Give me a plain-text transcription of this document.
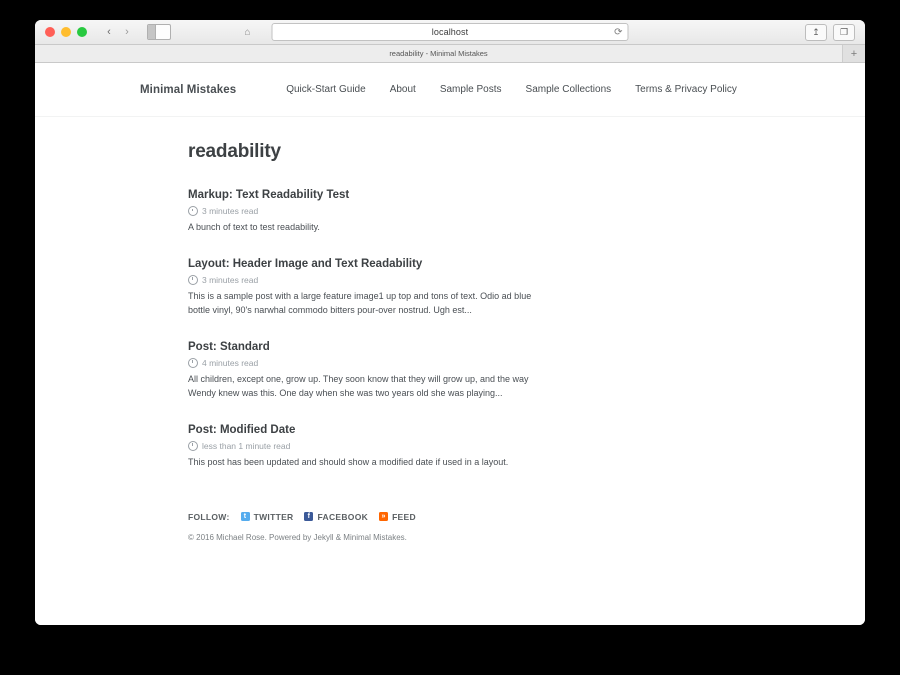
‹	›	⌂	localhost	⟳	↥	❐
readability - Minimal Mistakes	+
Minimal Mistakes	Quick-Start Guide About Sample Posts Sample Collections Terms & Privacy Policy
readability
Markup: Text Readability Test
3 minutes read

A bunch of text to test readability.

Layout: Header Image and Text Readability
3 minutes read

This is a sample post with a large feature image1 up top and tons of text. Odio ad blue bottle vinyl, 90's narwhal commodo bitters pour-over nostrud. Ugh est...

Post: Standard
4 minutes read

All children, except one, grow up. They soon know that they will grow up, and the way Wendy knew was this. One day when she was two years old she was playing...

Post: Modified Date
less than 1 minute read

This post has been updated and should show a modified date if used in a layout.

FOLLOW:	t TWITTER	f FACEBOOK	» FEED
© 2016 Michael Rose. Powered by Jekyll & Minimal Mistakes.
